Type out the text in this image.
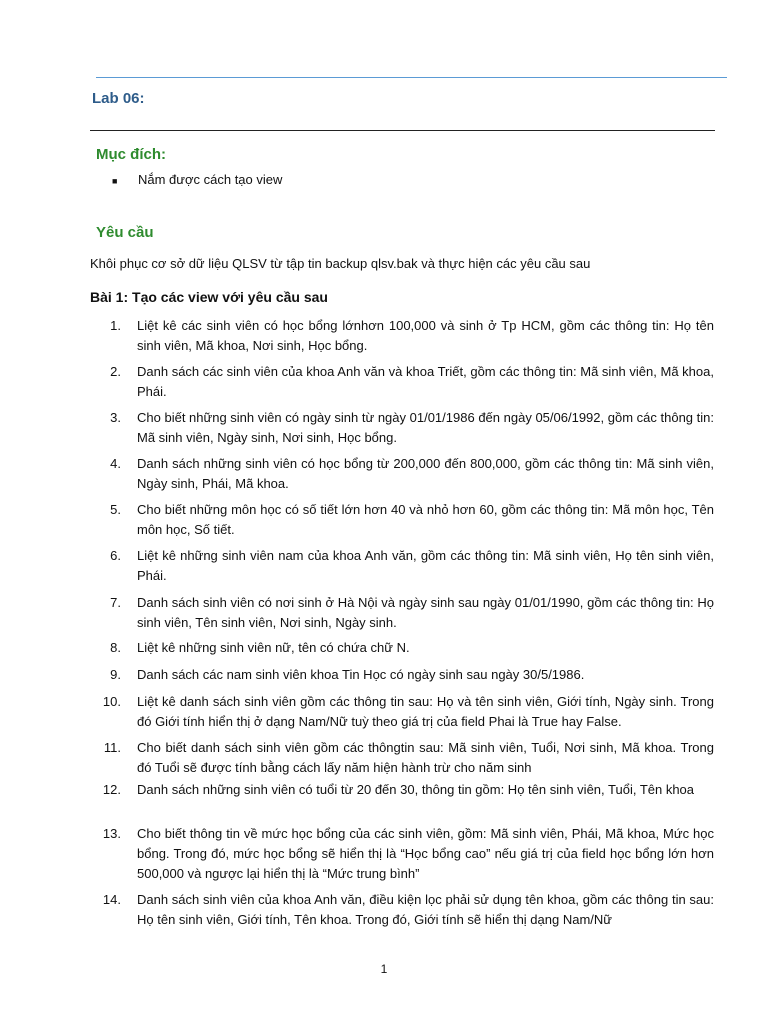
Lab 06:
Mục đích:
■	Nắm được cách tạo view
Yêu cầu

Khôi phục cơ sở dữ liệu QLSV từ tập tin backup qlsv.bak và thực hiện các yêu cầu sau

Bài 1: Tạo các view với yêu cầu sau
1.	Liệt kê các sinh viên có học bổng lớnhơn 100,000 và sinh ở Tp HCM, gồm các thông tin: Họ tên sinh viên, Mã khoa, Nơi sinh, Học bổng.
2.	Danh sách các sinh viên của khoa Anh văn và khoa Triết, gồm các thông tin: Mã sinh viên, Mã khoa, Phái.
3.	Cho biết những sinh viên có ngày sinh từ ngày 01/01/1986 đến ngày 05/06/1992, gồm các thông tin: Mã sinh viên, Ngày sinh, Nơi sinh, Học bổng.
4.	Danh sách những sinh viên có học bổng từ 200,000 đến 800,000, gồm các thông tin: Mã sinh viên, Ngày sinh, Phái, Mã khoa.
5.	Cho biết những môn học có số tiết lớn hơn 40 và nhỏ hơn 60, gồm các thông tin: Mã môn học, Tên môn học, Số tiết.
6.	Liệt kê những sinh viên nam của khoa Anh văn, gồm các thông tin: Mã sinh viên, Họ tên sinh viên, Phái.
7.	Danh sách sinh viên có nơi sinh ở Hà Nội và ngày sinh sau ngày 01/01/1990, gồm các thông tin: Họ sinh viên, Tên sinh viên, Nơi sinh, Ngày sinh.
8.	Liệt kê những sinh viên nữ, tên có chứa chữ N.
9.	Danh sách các nam sinh viên khoa Tin Học có ngày sinh sau ngày 30/5/1986.
10.	Liệt kê danh sách sinh viên gồm các thông tin sau: Họ và tên sinh viên, Giới tính, Ngày sinh. Trong đó Giới tính hiển thị ở dạng Nam/Nữ tuỳ theo giá trị của field Phai là True hay False.
11.	Cho biết danh sách sinh viên gồm các thôngtin sau: Mã sinh viên, Tuổi, Nơi sinh, Mã khoa. Trong đó Tuổi sẽ được tính bằng cách lấy năm hiện hành trừ cho năm sinh
12.	Danh sách những sinh viên có tuổi từ 20 đến 30, thông tin gồm: Họ tên sinh viên, Tuổi, Tên khoa
13.	Cho biết thông tin về mức học bổng của các sinh viên, gồm: Mã sinh viên, Phái, Mã khoa, Mức học bổng. Trong đó, mức học bổng sẽ hiển thị là “Học bổng cao” nếu giá trị của field học bổng lớn hơn 500,000 và ngược lại hiển thị là “Mức trung bình”
14.	Danh sách sinh viên của khoa Anh văn, điều kiện lọc phải sử dụng tên khoa, gồm các thông tin sau: Họ tên sinh viên, Giới tính, Tên khoa. Trong đó, Giới tính sẽ hiển thị dạng Nam/Nữ

1
